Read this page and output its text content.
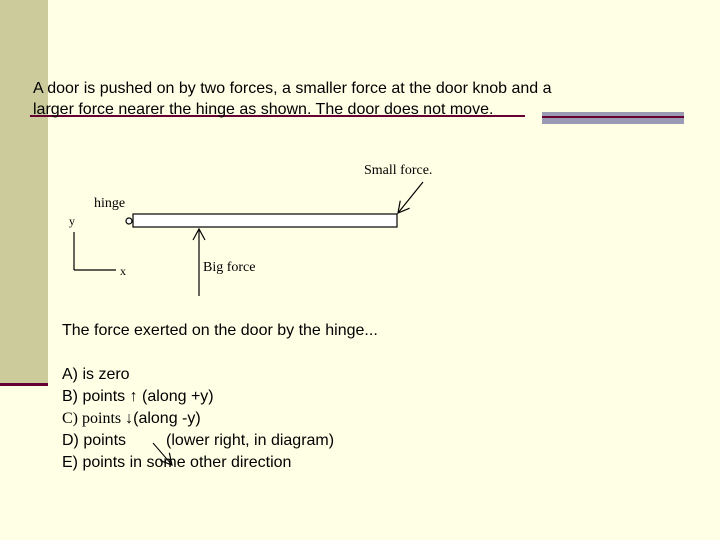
A door is pushed on by two forces, a smaller force at the door knob and a larger force nearer the hinge as shown. The door does not move.

hinge
Small force.
Big force
y
x

The force exerted on the door by the hinge...

A) is zero
B) points ↑ (along +y)
C) points ↓(along -y)
D) points	(lower right, in diagram)
E) points in some other direction
